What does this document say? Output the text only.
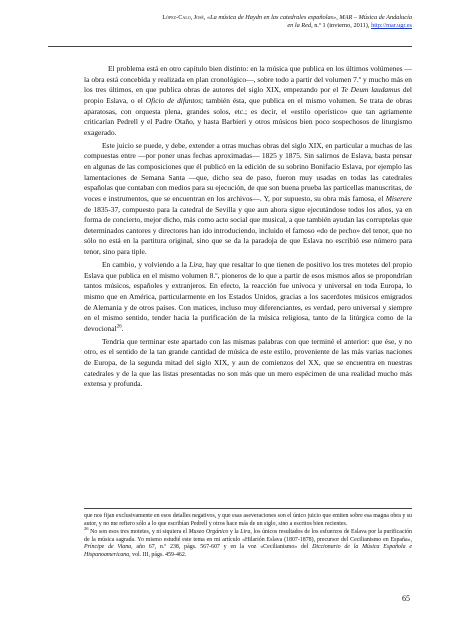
López-Calo, José, «La música de Haydn en las catedrales españolas», MAR – Música de Andalucía
en la Red, n.º 1 (invierno, 2011), http://mar.ugr.es

El problema está en otro capítulo bien distinto: en la música que publica en los últimos volúmenes —la obra está concebida y realizada en plan cronológico—, sobre todo a partir del volumen 7.º y mucho más en los tres últimos, en que publica obras de autores del siglo XIX, empezando por el Te Deum laudamus del propio Eslava, o el Oficio de difuntos; también ésta, que publica en el mismo volumen. Se trata de obras aparatosas, con orquesta plena, grandes solos, etc.; es decir, el «estilo operístico» que tan agriamente criticarían Pedrell y el Padre Otaño, y hasta Barbieri y otros músicos bien poco sospechosos de liturgismo exagerado.

Este juicio se puede, y debe, extender a otras muchas obras del siglo XIX, en particular a muchas de las compuestas entre —por poner unas fechas aproximadas— 1825 y 1875. Sin salirnos de Eslava, basta pensar en algunas de las composiciones que él publicó en la edición de su sobrino Bonifacio Eslava, por ejemplo las lamentaciones de Semana Santa —que, dicho sea de paso, fueron muy usadas en todas las catedrales españolas que contaban con medios para su ejecución, de que son buena prueba las particellas manuscritas, de voces e instrumentos, que se encuentran en los archivos—. Y, por supuesto, su obra más famosa, el Miserere de 1835-37, compuesto para la catedral de Sevilla y que aun ahora sigue ejecutándose todos los años, ya en forma de concierto, mejor dicho, más como acto social que musical, a que también ayudan las corruptelas que determinados cantores y directores han ido introduciendo, incluido el famoso «do de pecho» del tenor, que no sólo no está en la partitura original, sino que se da la paradoja de que Eslava no escribió ese número para tenor, sino para tiple.

En cambio, y volviendo a la Lira, hay que resaltar lo que tienen de positivo los tres motetes del propio Eslava que publica en el mismo volumen 8.º, pioneros de lo que a partir de esos mismos años se propondrían tantos músicos, españoles y extranjeros. En efecto, la reacción fue unívoca y universal en toda Europa, lo mismo que en América, particularmente en los Estados Unidos, gracias a los sacerdotes músicos emigrados de Alemania y de otros países. Con matices, incluso muy diferenciantes, es verdad, pero universal y siempre en el mismo sentido, tender hacia la purificación de la música religiosa, tanto de la litúrgica como de la devocional$^{26}$.

Tendría que terminar este apartado con las mismas palabras con que terminé el anterior: que ése, y no otro, es el sentido de la tan grande cantidad de música de este estilo, proveniente de las más varias naciones de Europa, de la segunda mitad del siglo XIX, y aun de comienzos del XX, que se encuentra en nuestras catedrales y de la que las listas presentadas no son más que un mero espécimen de una realidad mucho más extensa y profunda.

que nos fijan exclusivamente en esos detalles negativos, y que esas aseveraciones son el único juicio que emiten sobre esa magna obra y su autor, y no me refiero sólo a lo que escribían Pedrell y otros hace más de un siglo, sino a escritos bien recientes.

$^{26}$ No son esos tres motetes, y ni siquiera el Museo Orgánico y la Lira, los únicos resultados de los esfuerzos de Eslava por la purificación de la música sagrada. Yo mismo estudié este tema en mi artículo «Hilarión Eslava (1807-1878), precursor del Cecilianismo en España», Príncipe de Viana, año 67, n.º 238, págs. 567-607 y en la voz «Cecilianismo» del Diccionario de la Música Española e Hispanoamericana, vol. III, págs. 459-462.

65
